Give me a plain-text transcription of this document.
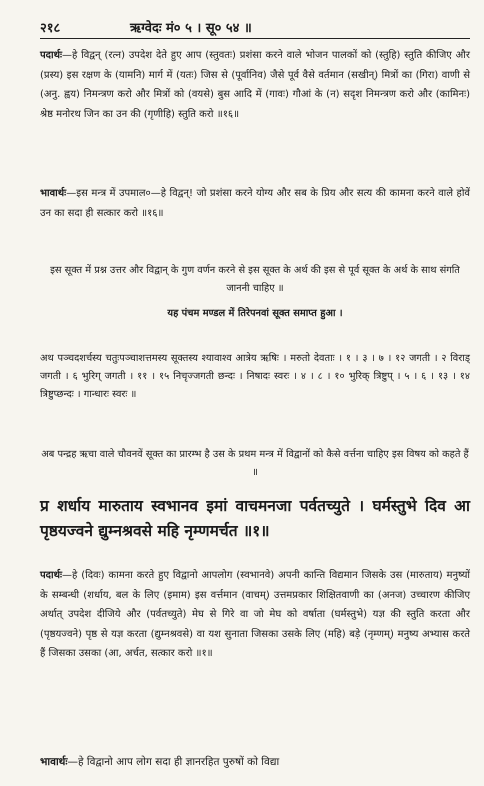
२१८	ऋग्वेदः मं० ५ । सू० ५४ ॥
पदार्थः—हे विद्वन् (रत्न) उपदेश देते हुए आप (स्तुवतः) प्रशंसा करने वाले भोजन पालकों को (स्तुहि) स्तुति कीजिए और (प्रस्य) इस रक्षण के (यामनि) मार्ग में (यतः) जिस से (पूर्वानिव) जैसे पूर्व वैसे वर्तमान (सखीन्) मित्रों का (गिरा) वाणी से (अनु. ह्वय) निमन्त्रण करो और मित्रों को (वयसे) बुस आदि में (गावः) गौआं के (न) सदृश निमन्त्रण करो और (कामिनः) श्रेष्ठ मनोरथ जिन का उन की (गृणीहि) स्तुति करो ॥१६॥
भावार्थः—इस मन्त्र में उपमाल०—हे विद्वन्! जो प्रशंसा करने योग्य और सब के प्रिय और सत्य की कामना करने वाले होवें उन का सदा ही सत्कार करो ॥१६॥
इस सूक्त में प्रश्न उत्तर और विद्वान् के गुण वर्णन करने से इस सूक्त के अर्थ की इस से पूर्व सूक्त के अर्थ के साथ संगति जाननी चाहिए ॥
यह पंचम मण्डल में तिरेपनवां सूक्त समाप्त हुआ ।
अथ पञ्चदशर्चस्य चतुःपञ्चाशत्तमस्य सूक्तस्य श्यावाश्व आत्रेय ऋषिः । मरुतो देवताः । १ । ३ । ७ । १२ जगती । २ विराड् जगती । ६ भुरिग् जगती । ११ । १५ निचृज्जगती छन्दः । निषादः स्वरः । ४ । ८ । १० भुरिक् त्रिष्टुप् । ५ । ६ । १३ । १४ त्रिष्टुप्छन्दः । गान्धारः स्वरः ॥
अब पन्द्रह ऋचा वाले चौवनवें सूक्त का प्रारम्भ है उस के प्रथम मन्त्र में विद्वानों को कैसे वर्त्तना चाहिए इस विषय को कहते हैं ॥
प्र शर्धाय मारुताय स्वभानव इमां वाचमनजा पर्वतच्युते । घर्मस्तुभे दिव आ पृष्ठयज्वने द्युम्नश्रवसे महि नृम्णमर्चत ॥१॥
पदार्थः—हे (दिवः) कामना करते हुए विद्वानो आपलोग (स्वभानवे) अपनी कान्ति विद्यमान जिसके उस (मारुताय) मनुष्यों के सम्बन्धी (शर्धाय, बल के लिए (इमाम) इस वर्त्तमान (वाचम्) उत्तमप्रकार शिक्षितवाणी का (अनज) उच्चारण कीजिए अर्थात् उपदेश दीजिये और (पर्वतच्युते) मेघ से गिरे वा जो मेघ को वर्षाता (घर्मस्तुभे) यज्ञ की स्तुति करता और (पृष्ठयज्वने) पृष्ठ से यज्ञ करता (द्युम्नश्रवसे) वा यश सुनाता जिसका उसके लिए (महि) बड़े (नृम्णम्) मनुष्य अभ्यास करते हैं जिसका उसका (आ, अर्चत, सत्कार करो ॥१॥
भावार्थः—हे विद्वानो आप लोग सदा ही ज्ञानरहित पुरुषों को विद्या
